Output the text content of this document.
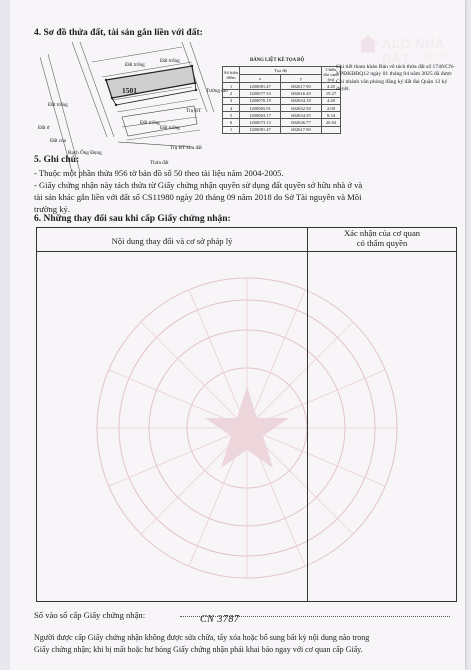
4. Sơ đồ thửa đất, tài sản gắn liền với đất:
1501
Đất trống
Đất trống
Đất trống
Đất trống
Đất ở
Trụ BT
Tường rào
Đất trống
Trụ BT khu đất
Thửa đất
Đất của
Rạch Ông Đụng
BẢNG LIỆT KÊ TỌA ĐỘ
Số hiệu điểm	Tọa độ		Chiều dài cạnh (m)
	x	y	
1	1200081.47	602617.90	4.45
2	1200077.33	602616.20	19.27
3	1200070.19	602634.18	4.40
4	1200065.91	602632.50	2.00
5	1200063.17	602634.35	8.34
6	1200073.13	602636.77	20.63
1	1200081.47	602617.90	
Chi tiết tham khảo Bản vẽ tách thửa đất số 1746/CN-VPĐKĐĐQ12 ngày 01 tháng 04 năm 2025 đã được Chi nhánh văn phòng đăng ký đất đai Quận 12 ký duyệt.
ALO NHÀ ĐẤT	.com.vn
5. Ghi chú:
- Thuộc một phần thửa 956 tờ bản đồ số 50 theo tài liệu năm 2004-2005.
- Giấy chứng nhận này tách thửa từ Giấy chứng nhận quyền sử dụng đất quyền sở hữu nhà ở và
tài sản khác gắn liền với đất số CS11980 ngày 20 tháng 09 năm 2018 do Sở Tài nguyên và Môi
trường ký.
6. Những thay đổi sau khi cấp Giấy chứng nhận:
Nội dung thay đổi và cơ sở pháp lý
Xác nhận của cơ quan
có thẩm quyền
Số vào sổ cấp Giấy chứng nhận:	CN 3787
Người được cấp Giấy chứng nhận không được sửa chữa, tẩy xóa hoặc bổ sung bất kỳ nội dung nào trong
Giấy chứng nhận; khi bị mất hoặc hư hỏng Giấy chứng nhận phải khai báo ngay với cơ quan cấp Giấy.
